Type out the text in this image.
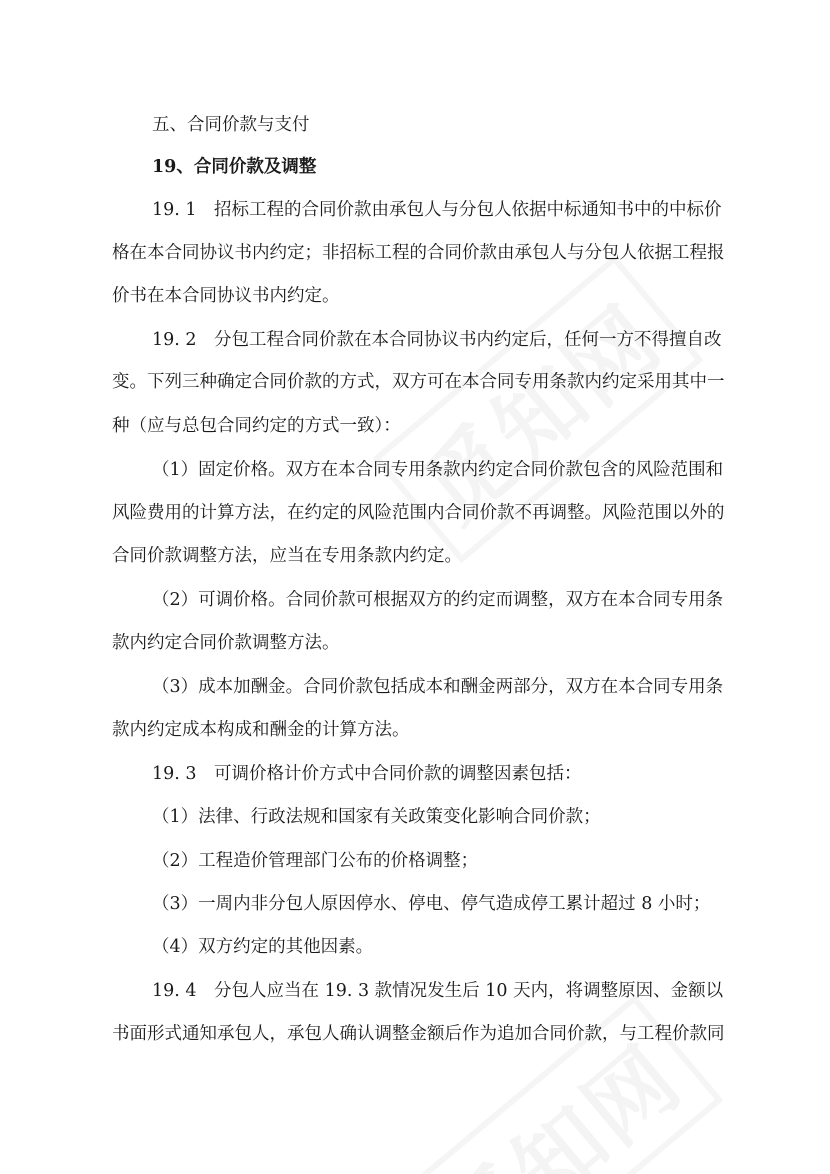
五、合同价款与支付
19、合同价款及调整
19. 1　招标工程的合同价款由承包人与分包人依据中标通知书中的中标价
格在本合同协议书内约定；非招标工程的合同价款由承包人与分包人依据工程报
价书在本合同协议书内约定。
19. 2　分包工程合同价款在本合同协议书内约定后，任何一方不得擅自改
变。下列三种确定合同价款的方式，双方可在本合同专用条款内约定采用其中一
种（应与总包合同约定的方式一致）：
（1）固定价格。双方在本合同专用条款内约定合同价款包含的风险范围和
风险费用的计算方法，在约定的风险范围内合同价款不再调整。风险范围以外的
合同价款调整方法，应当在专用条款内约定。
（2）可调价格。合同价款可根据双方的约定而调整，双方在本合同专用条
款内约定合同价款调整方法。
（3）成本加酬金。合同价款包括成本和酬金两部分，双方在本合同专用条
款内约定成本构成和酬金的计算方法。
19. 3　可调价格计价方式中合同价款的调整因素包括：
（1）法律、行政法规和国家有关政策变化影响合同价款；
（2）工程造价管理部门公布的价格调整；
（3）一周内非分包人原因停水、停电、停气造成停工累计超过 8 小时；
（4）双方约定的其他因素。
19. 4　分包人应当在 19. 3 款情况发生后 10 天内，将调整原因、金额以
书面形式通知承包人，承包人确认调整金额后作为追加合同价款，与工程价款同
